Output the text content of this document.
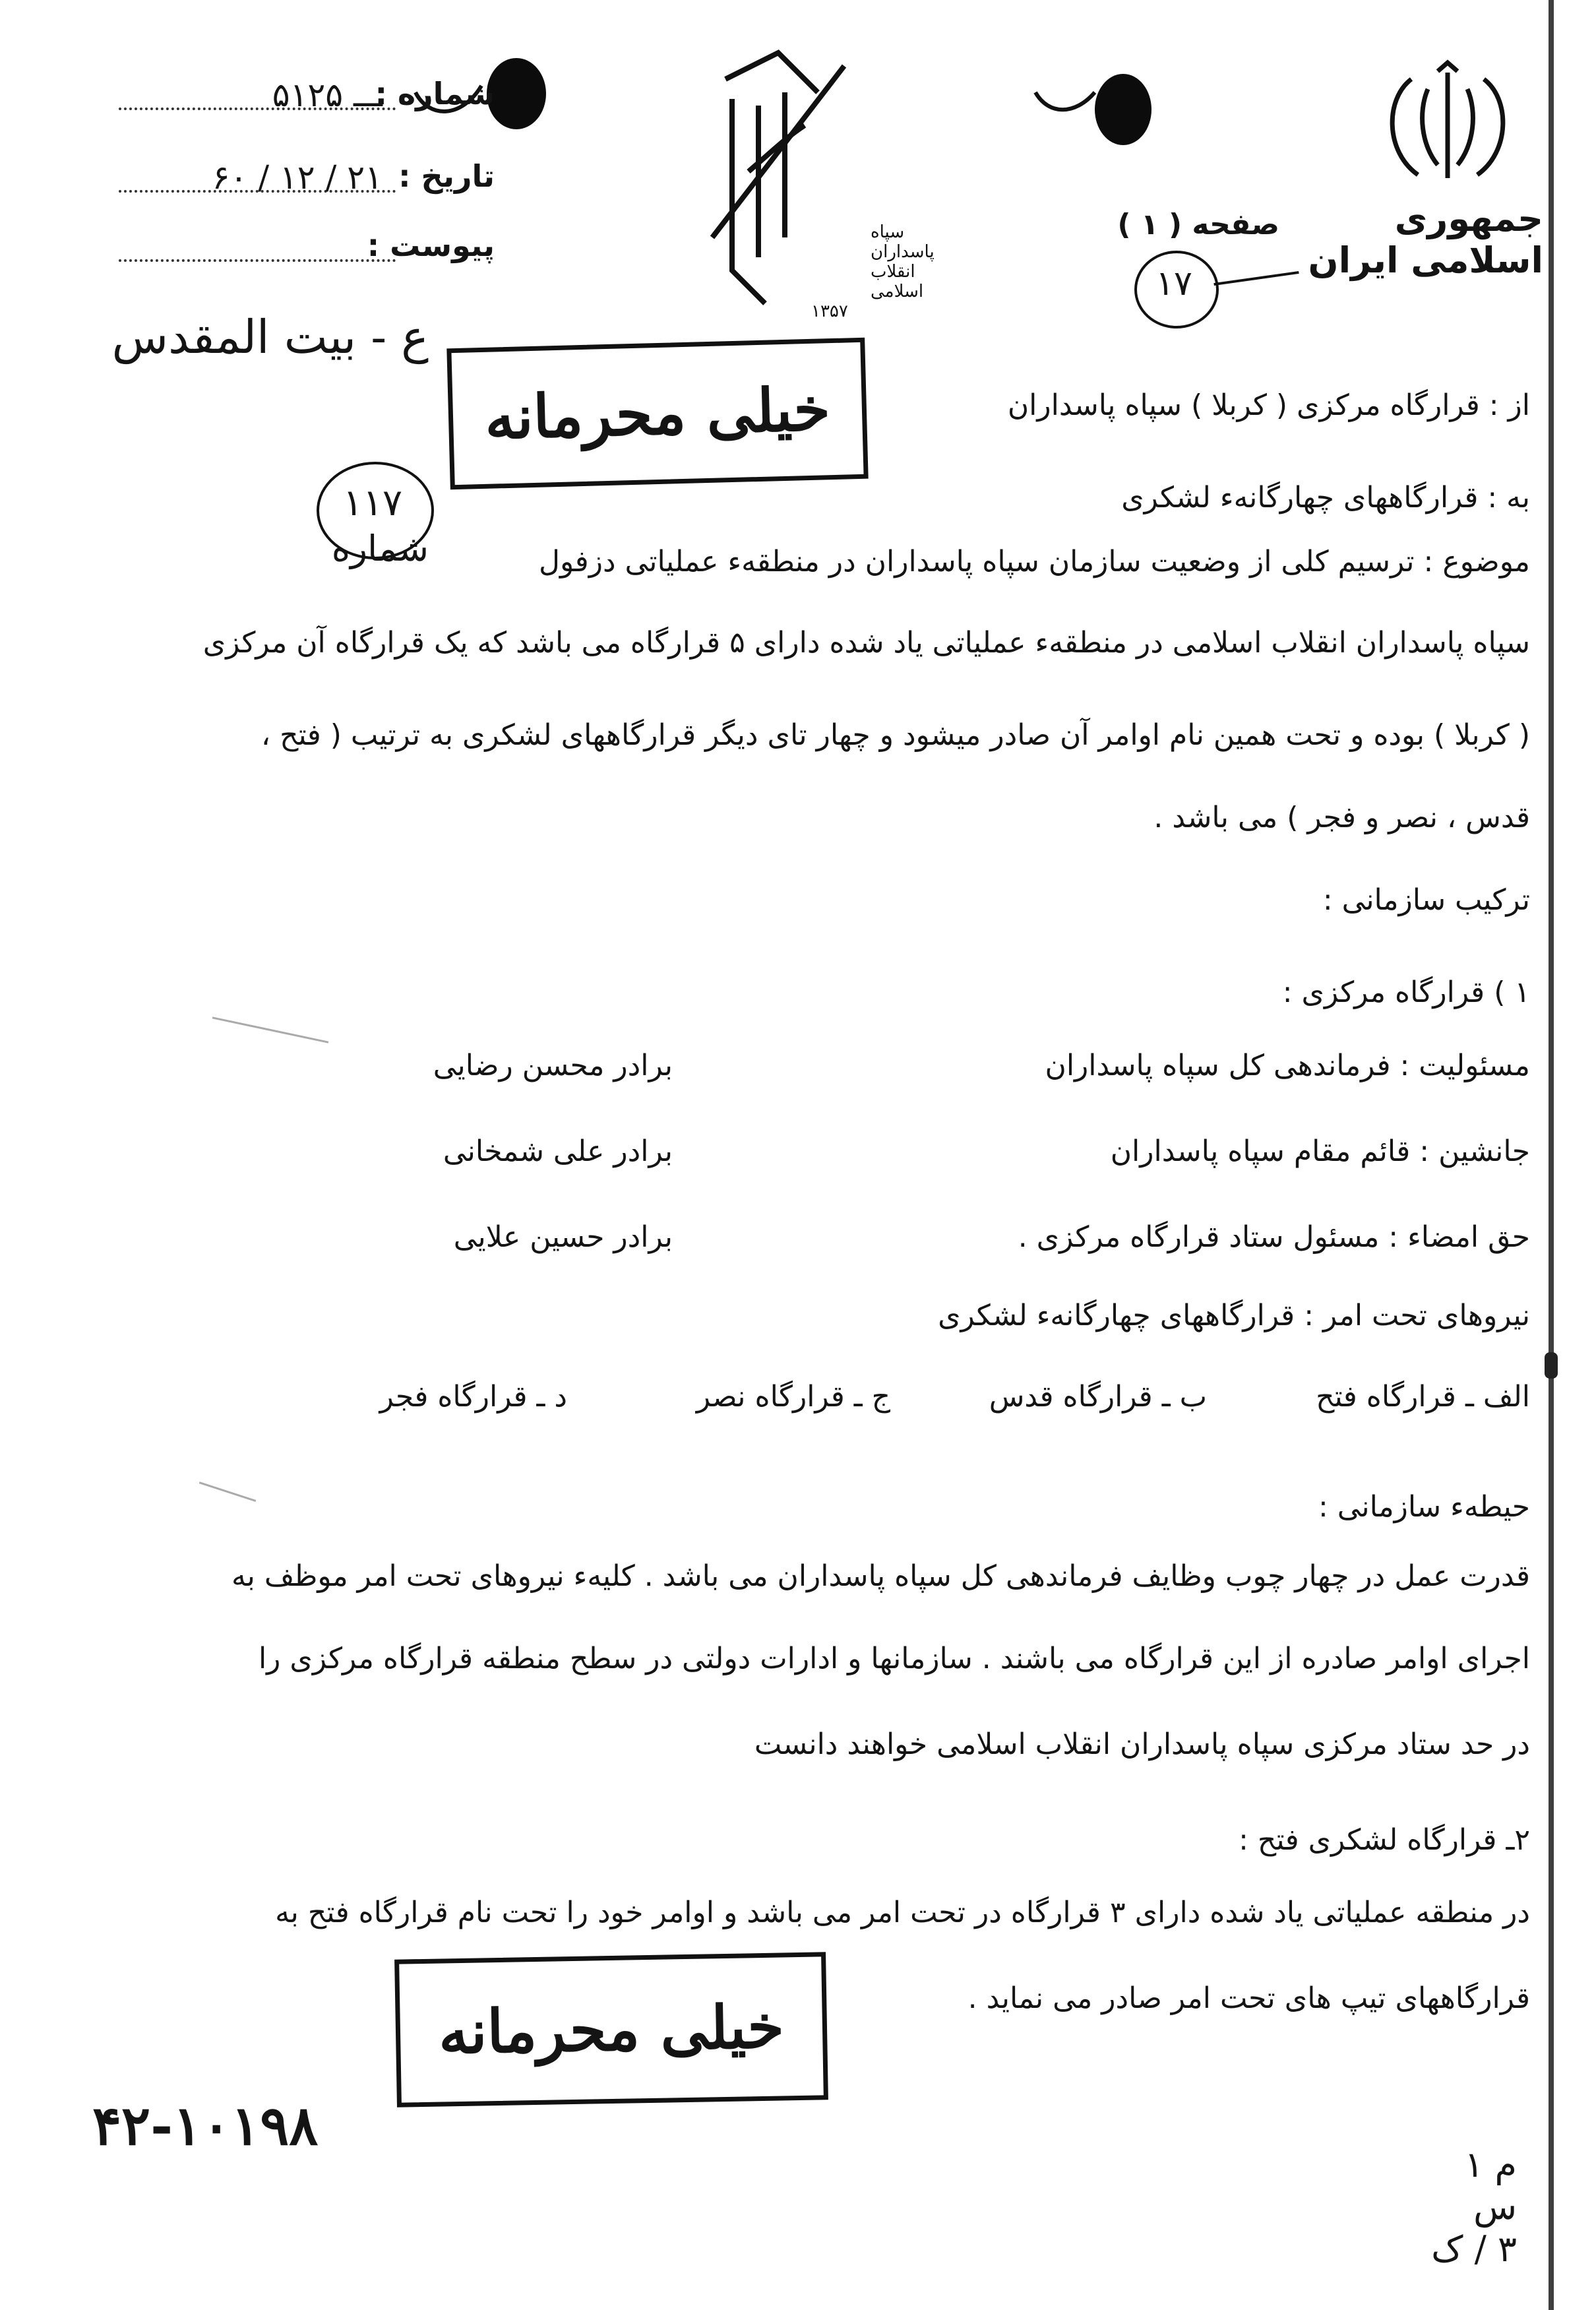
جمهوری اسلامی ایران
صفحه ( ۱ )
۱۷
سپاه
پاسداران
انقلاب
اسلامی
۱۳۵۷
شماره :
۵ـــ ۱۲۵
تاریخ :
۶۰ / ۱۲ / ۲۱
پیوست :
ع - بیت المقدس
خیلی محرمانه
۱۱۷
شماره
از : قرارگاه مرکزی ( کربلا ) سپاه پاسداران
به : قرارگاههای چهارگانهء لشکری
موضوع : ترسیم کلی از وضعیت سازمان سپاه پاسداران در منطقهء عملیاتی دزفول
سپاه پاسداران انقلاب اسلامی در منطقهء عملیاتی یاد شده دارای ۵ قرارگاه می باشد که یک قرارگاه آن مرکزی
( کربلا ) بوده و تحت همین نام اوامر آن صادر میشود و چهار تای دیگر قرارگاههای لشکری به ترتیب ( فتح ،
قدس ، نصر و فجر ) می باشد .
ترکیب سازمانی :
۱ ) قرارگاه مرکزی :
مسئولیت : فرماندهی کل سپاه پاسداران
برادر محسن رضایی
جانشین : قائم مقام سپاه پاسداران
برادر علی شمخانی
حق امضاء : مسئول ستاد قرارگاه مرکزی .
برادر حسین علایی
نیروهای تحت امر : قرارگاههای چهارگانهء لشکری
الف ـ قرارگاه فتح
ب ـ قرارگاه قدس
ج ـ قرارگاه نصر
د ـ قرارگاه فجر
حیطهء سازمانی :
قدرت عمل در چهار چوب وظایف فرماندهی کل سپاه پاسداران می باشد . کلیهء نیروهای تحت امر موظف به
اجرای اوامر صادره از این قرارگاه می باشند . سازمانها و ادارات دولتی در سطح منطقه قرارگاه مرکزی را
در حد ستاد مرکزی سپاه پاسداران انقلاب اسلامی خواهند دانست
۲ـ قرارگاه لشکری فتح :
در منطقه عملیاتی یاد شده دارای ۳ قرارگاه در تحت امر می باشد و اوامر خود را تحت نام قرارگاه فتح به
قرارگاههای تیپ های تحت امر صادر می نماید .
خیلی محرمانه
۴۲-۱۰۱۹۸
م ۱
س
۳ / ک
